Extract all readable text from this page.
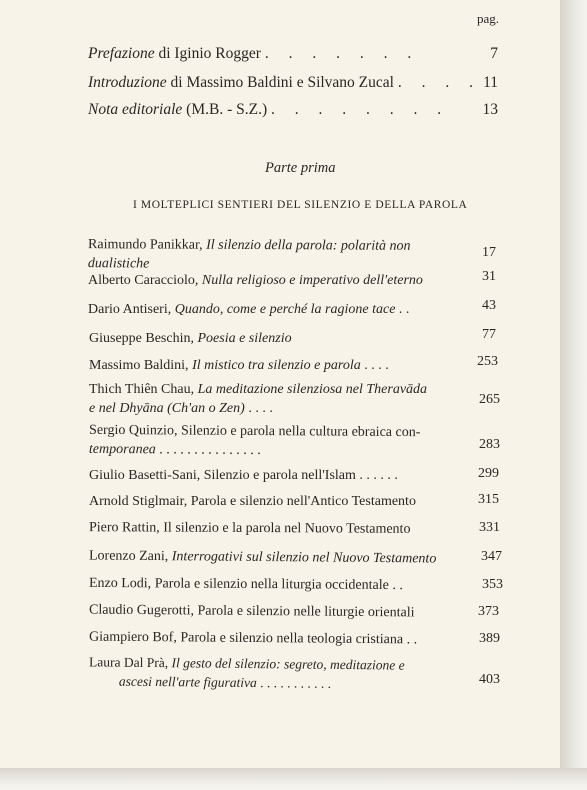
pag.
Prefazione di Iginio Rogger . . . . . . .	7
Introduzione di Massimo Baldini e Silvano Zucal . . . . 11
Nota editoriale (M.B. - S.Z.) . . . . . . . . 13
Parte prima
I MOLTEPLICI SENTIERI DEL SILENZIO E DELLA PAROLA
Raimundo Panikkar, Il silenzio della parola: polarità non
dualistiche
17
Alberto Caracciolo, Nulla religioso e imperativo dell'eterno	31
Dario Antiseri, Quando, come e perché la ragione tace . .	43
Giuseppe Beschin, Poesia e silenzio	77
Massimo Baldini, Il mistico tra silenzio e parola . . . .	253
Thich Thiên Chau, La meditazione silenziosa nel Theravāda
e nel Dhyāna (Ch'an o Zen) . . . .
265
Sergio Quinzio, Silenzio e parola nella cultura ebraica con-
temporanea . . . . . . . . . . . . . . .	283
Giulio Basetti-Sani, Silenzio e parola nell'Islam . . . . . .	299
Arnold Stiglmair, Parola e silenzio nell'Antico Testamento	315
Piero Rattin, Il silenzio e la parola nel Nuovo Testamento	331
Lorenzo Zani, Interrogativi sul silenzio nel Nuovo Testamento	347
Enzo Lodi, Parola e silenzio nella liturgia occidentale . .	353
Claudio Gugerotti, Parola e silenzio nelle liturgie orientali	373
Giampiero Bof, Parola e silenzio nella teologia cristiana . .	389
Laura Dal Prà, Il gesto del silenzio: segreto, meditazione e
ascesi nell'arte figurativa . . . . . . . . . . .	403
